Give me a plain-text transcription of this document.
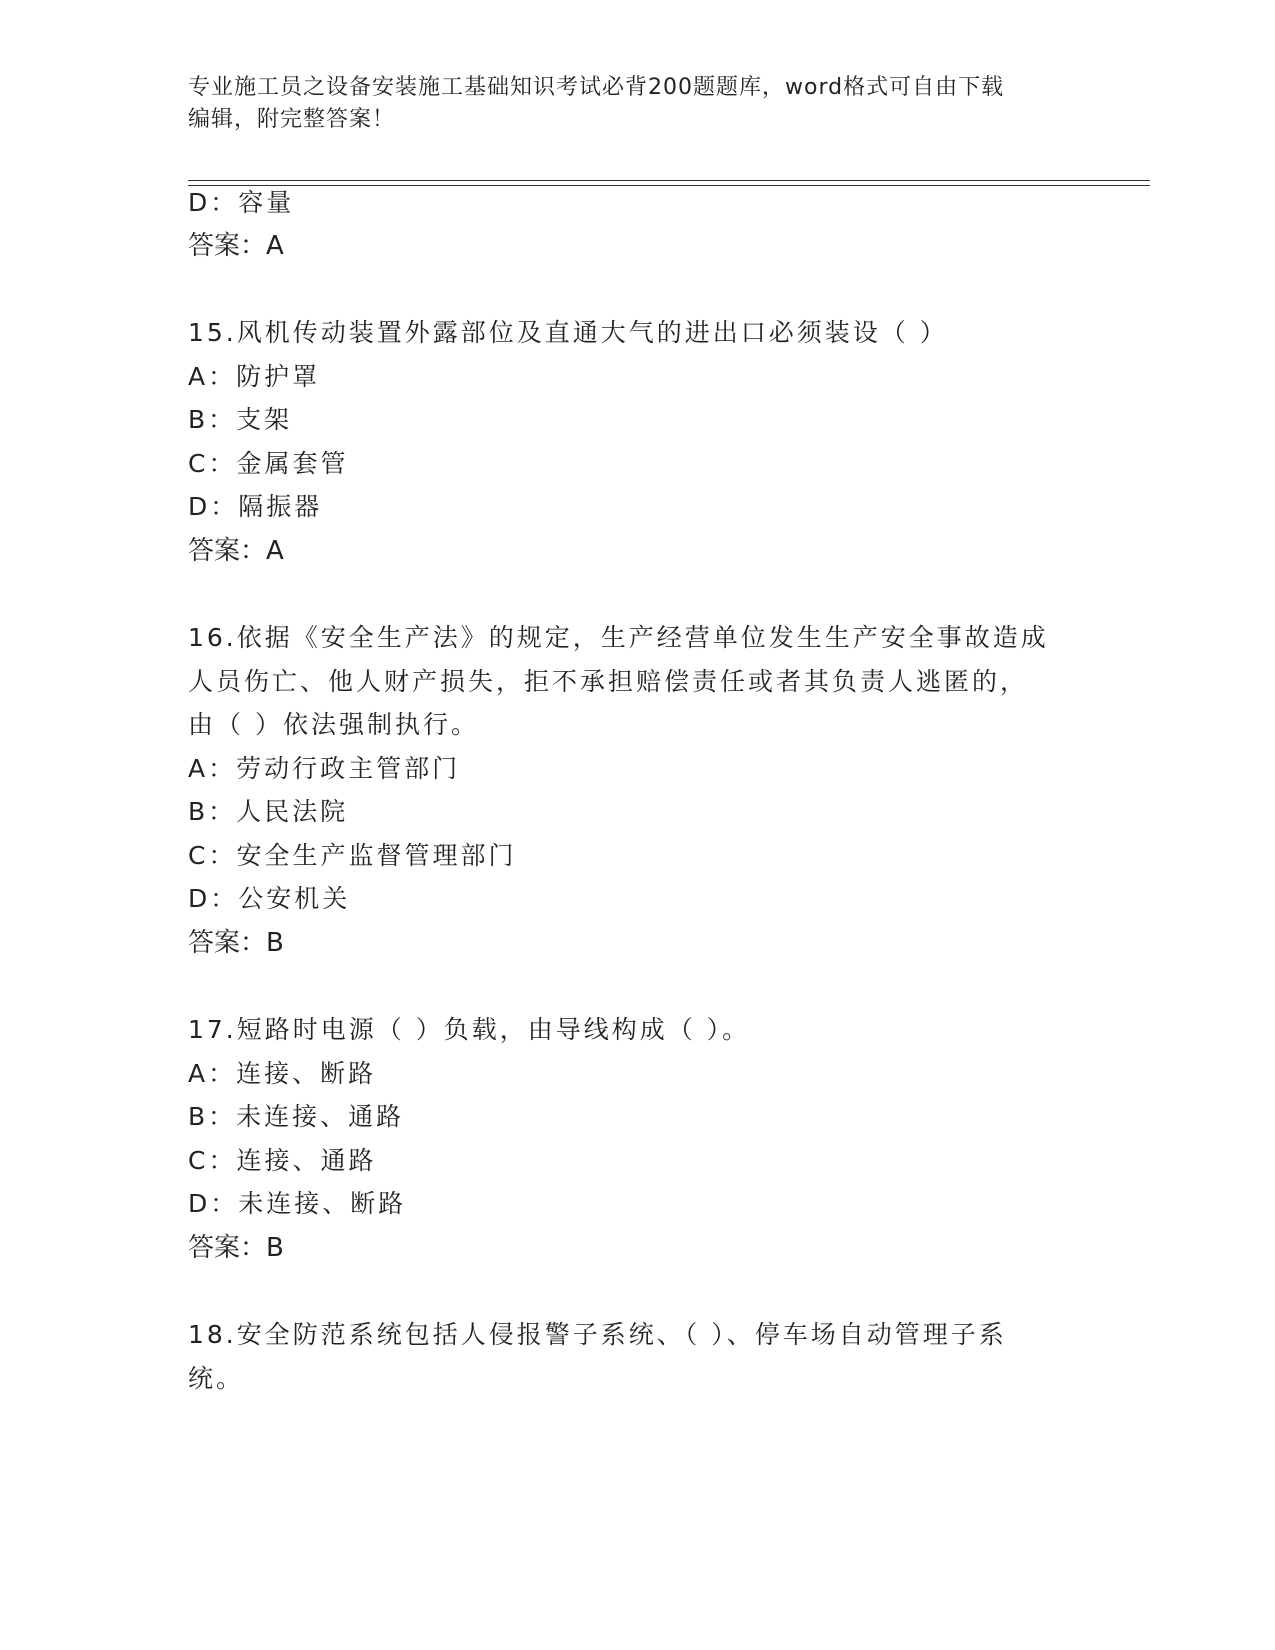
专业施工员之设备安装施工基础知识考试必背200题题库，word格式可自由下载
编辑，附完整答案！
D：容量
答案：A
15.风机传动装置外露部位及直通大气的进出口必须装设（ ）
A：防护罩
B：支架
C：金属套管
D：隔振器
答案：A
16.依据《安全生产法》的规定，生产经营单位发生生产安全事故造成
人员伤亡、他人财产损失，拒不承担赔偿责任或者其负责人逃匿的，
由（ ）依法强制执行。
A：劳动行政主管部门
B：人民法院
C：安全生产监督管理部门
D：公安机关
答案：B
17.短路时电源（ ）负载，由导线构成（ ）。
A：连接、断路
B：未连接、通路
C：连接、通路
D：未连接、断路
答案：B
18.安全防范系统包括人侵报警子系统、（ ）、停车场自动管理子系
统。
